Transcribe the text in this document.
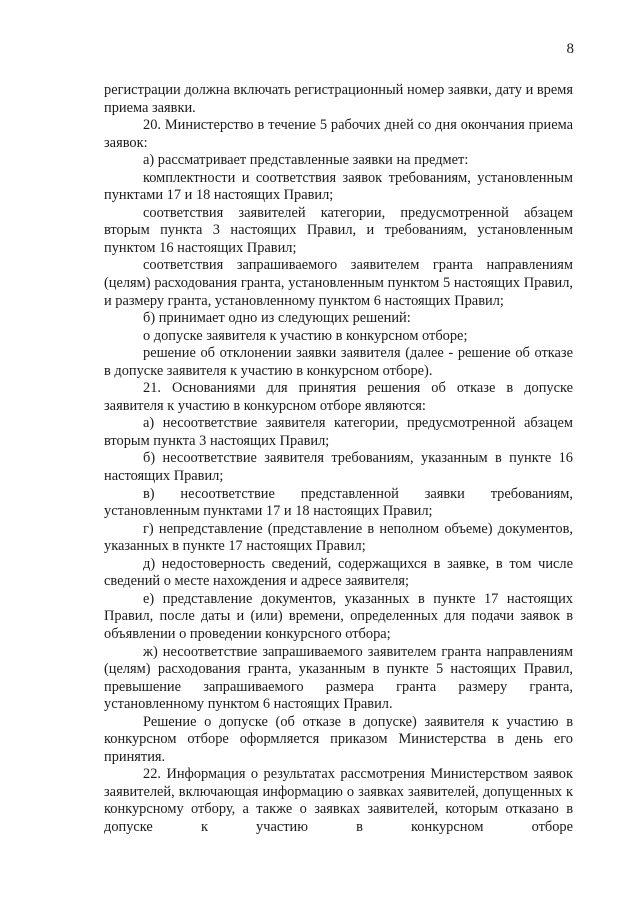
8

регистрации должна включать регистрационный номер заявки, дату и время приема заявки.

20. Министерство в течение 5 рабочих дней со дня окончания приема заявок:

а) рассматривает представленные заявки на предмет:

комплектности и соответствия заявок требованиям, установленным пунктами 17 и 18 настоящих Правил;

соответствия заявителей категории, предусмотренной абзацем вторым пункта 3 настоящих Правил, и требованиям, установленным пунктом 16 настоящих Правил;

соответствия запрашиваемого заявителем гранта направлениям (целям) расходования гранта, установленным пунктом 5 настоящих Правил, и размеру гранта, установленному пунктом 6 настоящих Правил;

б) принимает одно из следующих решений:

о допуске заявителя к участию в конкурсном отборе;

решение об отклонении заявки заявителя (далее - решение об отказе в допуске заявителя к участию в конкурсном отборе).

21. Основаниями для принятия решения об отказе в допуске заявителя к участию в конкурсном отборе являются:

а) несоответствие заявителя категории, предусмотренной абзацем вторым пункта 3 настоящих Правил;

б) несоответствие заявителя требованиям, указанным в пункте 16 настоящих Правил;

в) несоответствие представленной заявки требованиям, установленным пунктами 17 и 18 настоящих Правил;

г) непредставление (представление в неполном объеме) документов, указанных в пункте 17 настоящих Правил;

д) недостоверность сведений, содержащихся в заявке, в том числе сведений о месте нахождения и адресе заявителя;

е) представление документов, указанных в пункте 17 настоящих Правил, после даты и (или) времени, определенных для подачи заявок в объявлении о проведении конкурсного отбора;

ж) несоответствие запрашиваемого заявителем гранта направлениям (целям) расходования гранта, указанным в пункте 5 настоящих Правил, превышение запрашиваемого размера гранта размеру гранта, установленному пунктом 6 настоящих Правил.

Решение о допуске (об отказе в допуске) заявителя к участию в конкурсном отборе оформляется приказом Министерства в день его принятия.

22. Информация о результатах рассмотрения Министерством заявок заявителей, включающая информацию о заявках заявителей, допущенных к конкурсному отбору, а также о заявках заявителей, которым отказано в допуске к участию в конкурсном отборе
